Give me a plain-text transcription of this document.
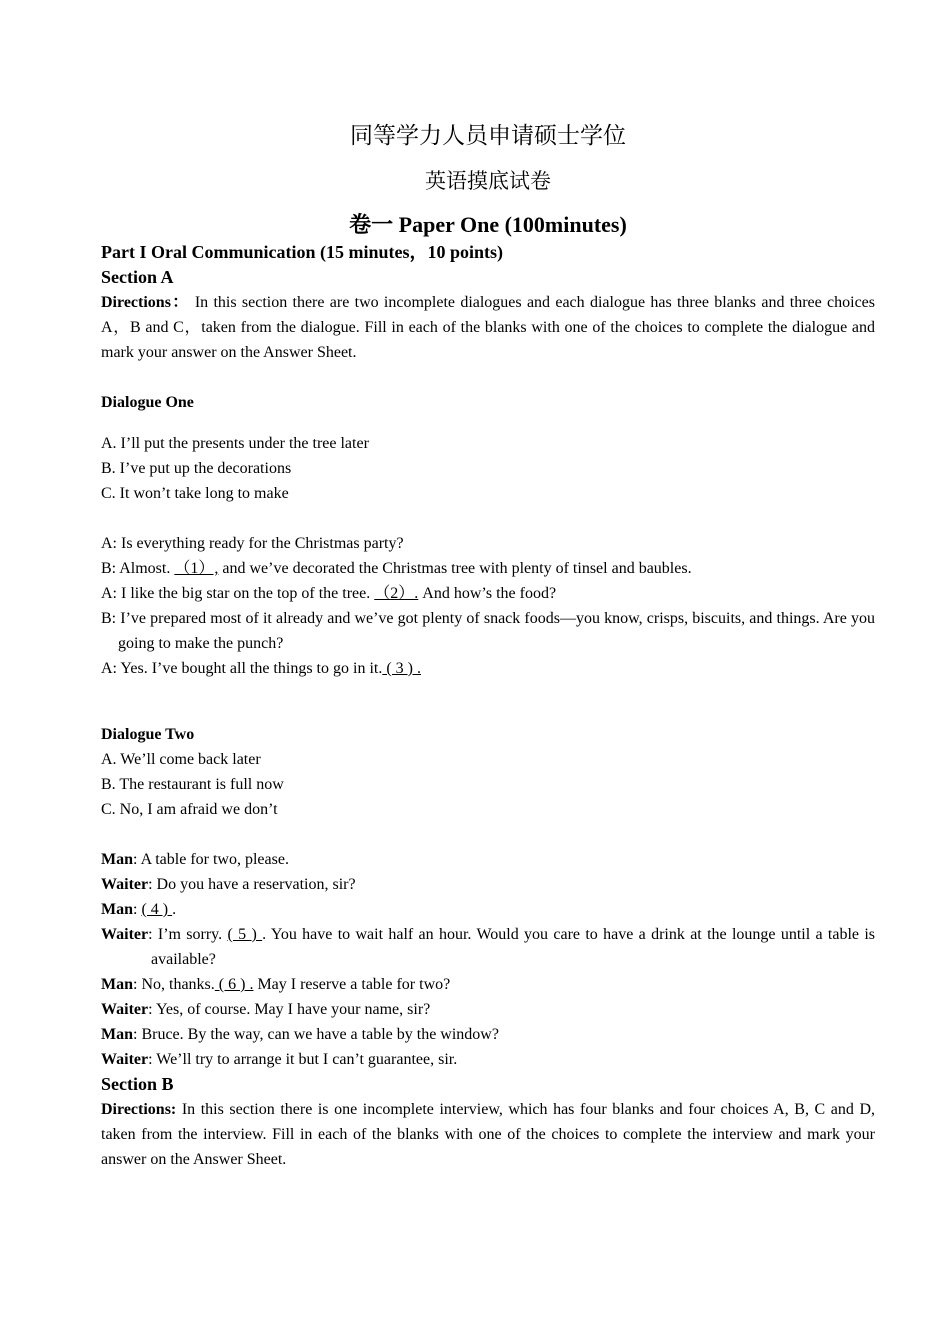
同等学力人员申请硕士学位
英语摸底试卷
卷一 Paper One (100minutes)
Part I Oral Communication (15 minutes，10 points)
Section A
Directions： In this section there are two incomplete dialogues and each dialogue has three blanks and three choices A，B and C，taken from the dialogue. Fill in each of the blanks with one of the choices to complete the dialogue and mark your answer on the Answer Sheet.
Dialogue One
A. I’ll put the presents under the tree later
B. I’ve put up the decorations
C. It won’t take long to make
A: Is everything ready for the Christmas party?
B: Almost. （1）, and we’ve decorated the Christmas tree with plenty of tinsel and baubles.
A: I like the big star on the top of the tree. （2）. And how’s the food?
B: I’ve prepared most of it already and we’ve got plenty of snack foods—you know, crisps, biscuits, and things. Are you going to make the punch?
A: Yes. I’ve bought all the things to go in it. ( 3 ) .
Dialogue Two
A. We’ll come back later
B. The restaurant is full now
C. No, I am afraid we don’t
Man: A table for two, please.
Waiter: Do you have a reservation, sir?
Man: ( 4 ) .
Waiter: I’m sorry. ( 5 ) . You have to wait half an hour. Would you care to have a drink at the lounge until a table is available?
Man: No, thanks. ( 6 ) . May I reserve a table for two?
Waiter: Yes, of course. May I have your name, sir?
Man: Bruce. By the way, can we have a table by the window?
Waiter: We’ll try to arrange it but I can’t guarantee, sir.
Section B
Directions: In this section there is one incomplete interview, which has four blanks and four choices A, B, C and D, taken from the interview. Fill in each of the blanks with one of the choices to complete the interview and mark your answer on the Answer Sheet.
